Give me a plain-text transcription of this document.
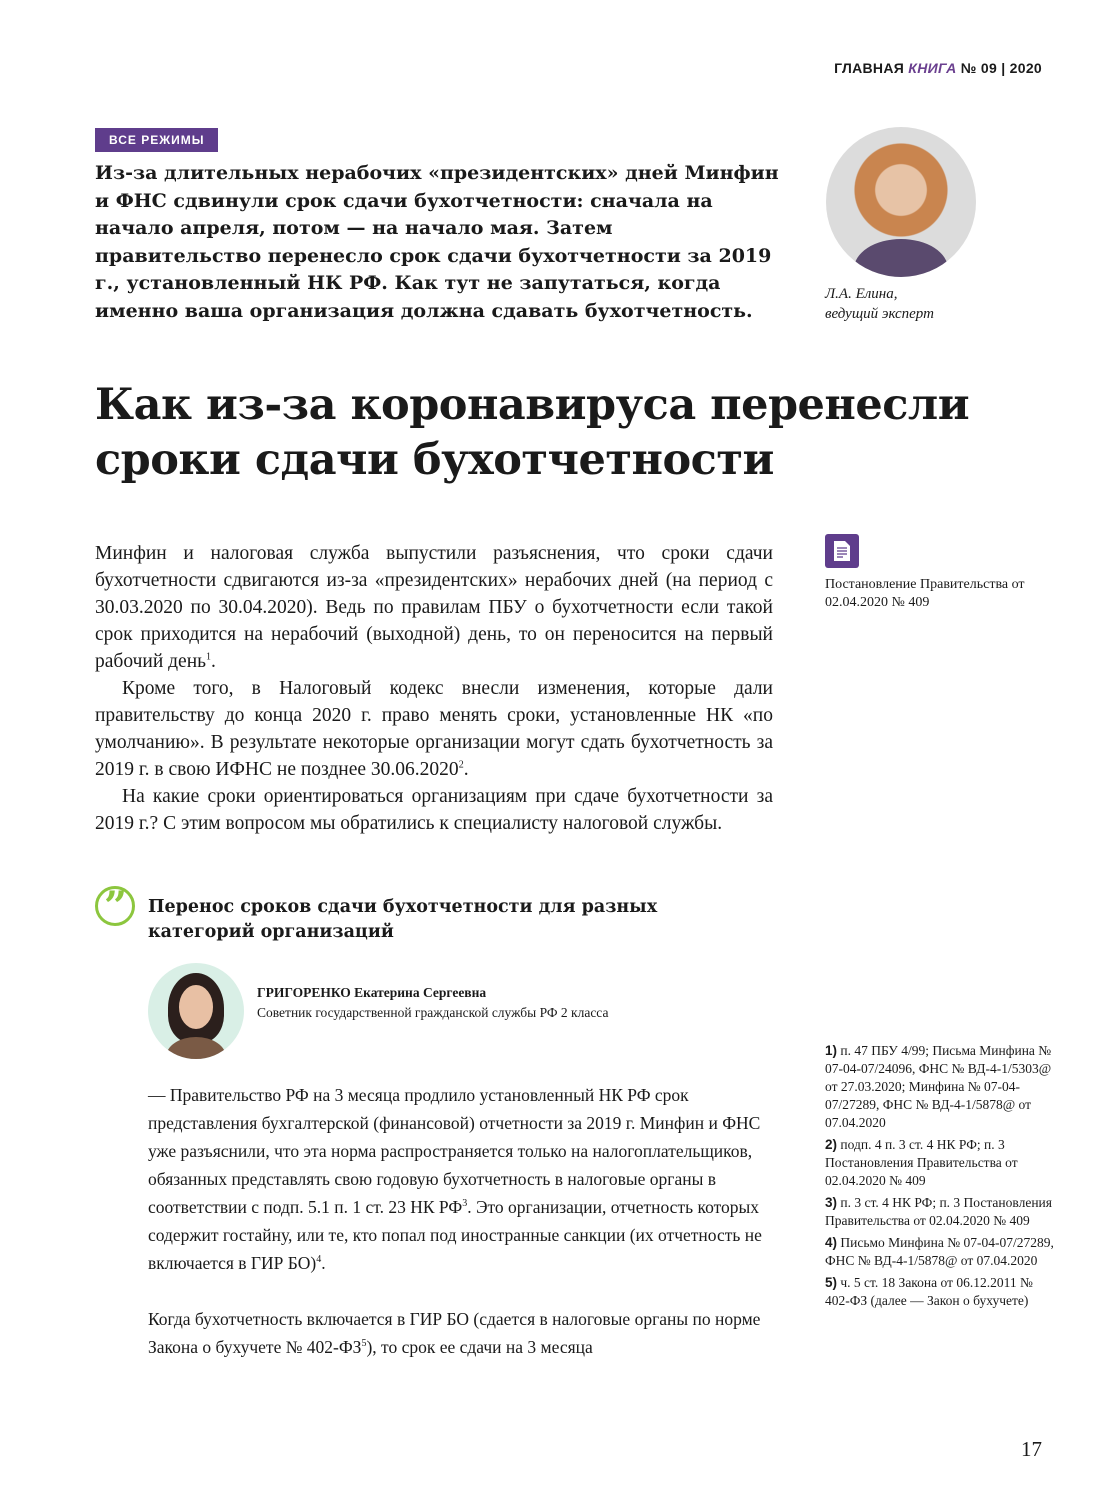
ГЛАВНАЯ КНИГА № 09 | 2020
ВСЕ РЕЖИМЫ

Из-за длительных нерабочих «президентских» дней Минфин и ФНС сдвинули срок сдачи бухотчетности: сначала на начало апреля, потом — на начало мая. Затем правительство перенесло срок сдачи бухотчетности за 2019 г., установленный НК РФ. Как тут не запутаться, когда именно ваша организация должна сдавать бухотчетность.

Л.А. Елина,
ведущий эксперт
Как из-за коронавируса перенесли сроки сдачи бухотчетности

Минфин и налоговая служба выпустили разъяснения, что сроки сдачи бухотчетности сдвигаются из-за «президентских» нерабочих дней (на период с 30.03.2020 по 30.04.2020). Ведь по правилам ПБУ о бухотчетности если такой срок приходится на нерабочий (выходной) день, то он переносится на первый рабочий день$^1$.

Кроме того, в Налоговый кодекс внесли изменения, которые дали правительству до конца 2020 г. право менять сроки, установленные НК «по умолчанию». В результате некоторые организации могут сдать бухотчетность за 2019 г. в свою ИФНС не позднее 30.06.2020$^2$.

На какие сроки ориентироваться организациям при сдаче бухотчетности за 2019 г.? С этим вопросом мы обратились к специалисту налоговой службы.

Постановление Правительства от 02.04.2020 № 409
” Перенос сроков сдачи бухотчетности для разных категорий организаций
ГРИГОРЕНКО Екатерина Сергеевна
Советник государственной гражданской службы РФ 2 класса

— Правительство РФ на 3 месяца продлило установленный НК РФ срок представления бухгалтерской (финансовой) отчетности за 2019 г. Минфин и ФНС уже разъяснили, что эта норма распространяется только на налогоплательщиков, обязанных представлять свою годовую бухотчетность в налоговые органы в соответствии с подп. 5.1 п. 1 ст. 23 НК $РФ^3$. Это организации, отчетность которых содержит гостайну, или те, кто попал под иностранные санкции (их отчетность не включается в ГИР БО)$^4$.

Когда бухотчетность включается в ГИР БО (сдается в налоговые органы по норме Закона о бухучете № $402-ФЗ^5$), то срок ее сдачи на 3 месяца

1) п. 47 ПБУ 4/99; Письма Минфина № 07-04-07/24096, ФНС № ВД-4-1/5303@ от 27.03.2020; Минфина № 07-04-07/27289, ФНС № ВД-4-1/5878@ от 07.04.2020
2) подп. 4 п. 3 ст. 4 НК РФ; п. 3 Постановления Правительства от 02.04.2020 № 409
3) п. 3 ст. 4 НК РФ; п. 3 Постановления Правительства от 02.04.2020 № 409
4) Письмо Минфина № 07-04-07/27289, ФНС № ВД-4-1/5878@ от 07.04.2020
5) ч. 5 ст. 18 Закона от 06.12.2011 № 402-ФЗ (далее — Закон о бухучете)
17
